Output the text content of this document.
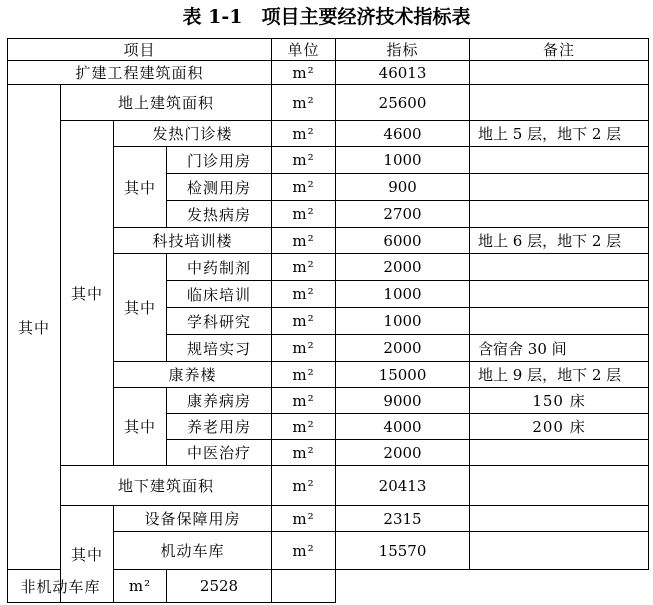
表 1-1　项目主要经济技术指标表
项目				单位	指标	备注
扩建工程建筑面积				m²	46013	
其中	地上建筑面积			m²	25600	
	其中	发热门诊楼		m²	4600	地上 5 层，地下 2 层
		其中	门诊用房	m²	1000	
			检测用房	m²	900	
			发热病房	m²	2700	
		科技培训楼		m²	6000	地上 6 层，地下 2 层
		其中	中药制剂	m²	2000	
			临床培训	m²	1000	
			学科研究	m²	1000	
			规培实习	m²	2000	含宿舍 30 间
		康养楼		m²	15000	地上 9 层，地下 2 层
		其中	康养病房	m²	9000	150 床
			养老用房	m²	4000	200 床
			中医治疗	m²	2000	
	地下建筑面积			m²	20413	
	其中	设备保障用房		m²	2315	
		机动车库		m²	15570	
非机动车库		m²	2528			
